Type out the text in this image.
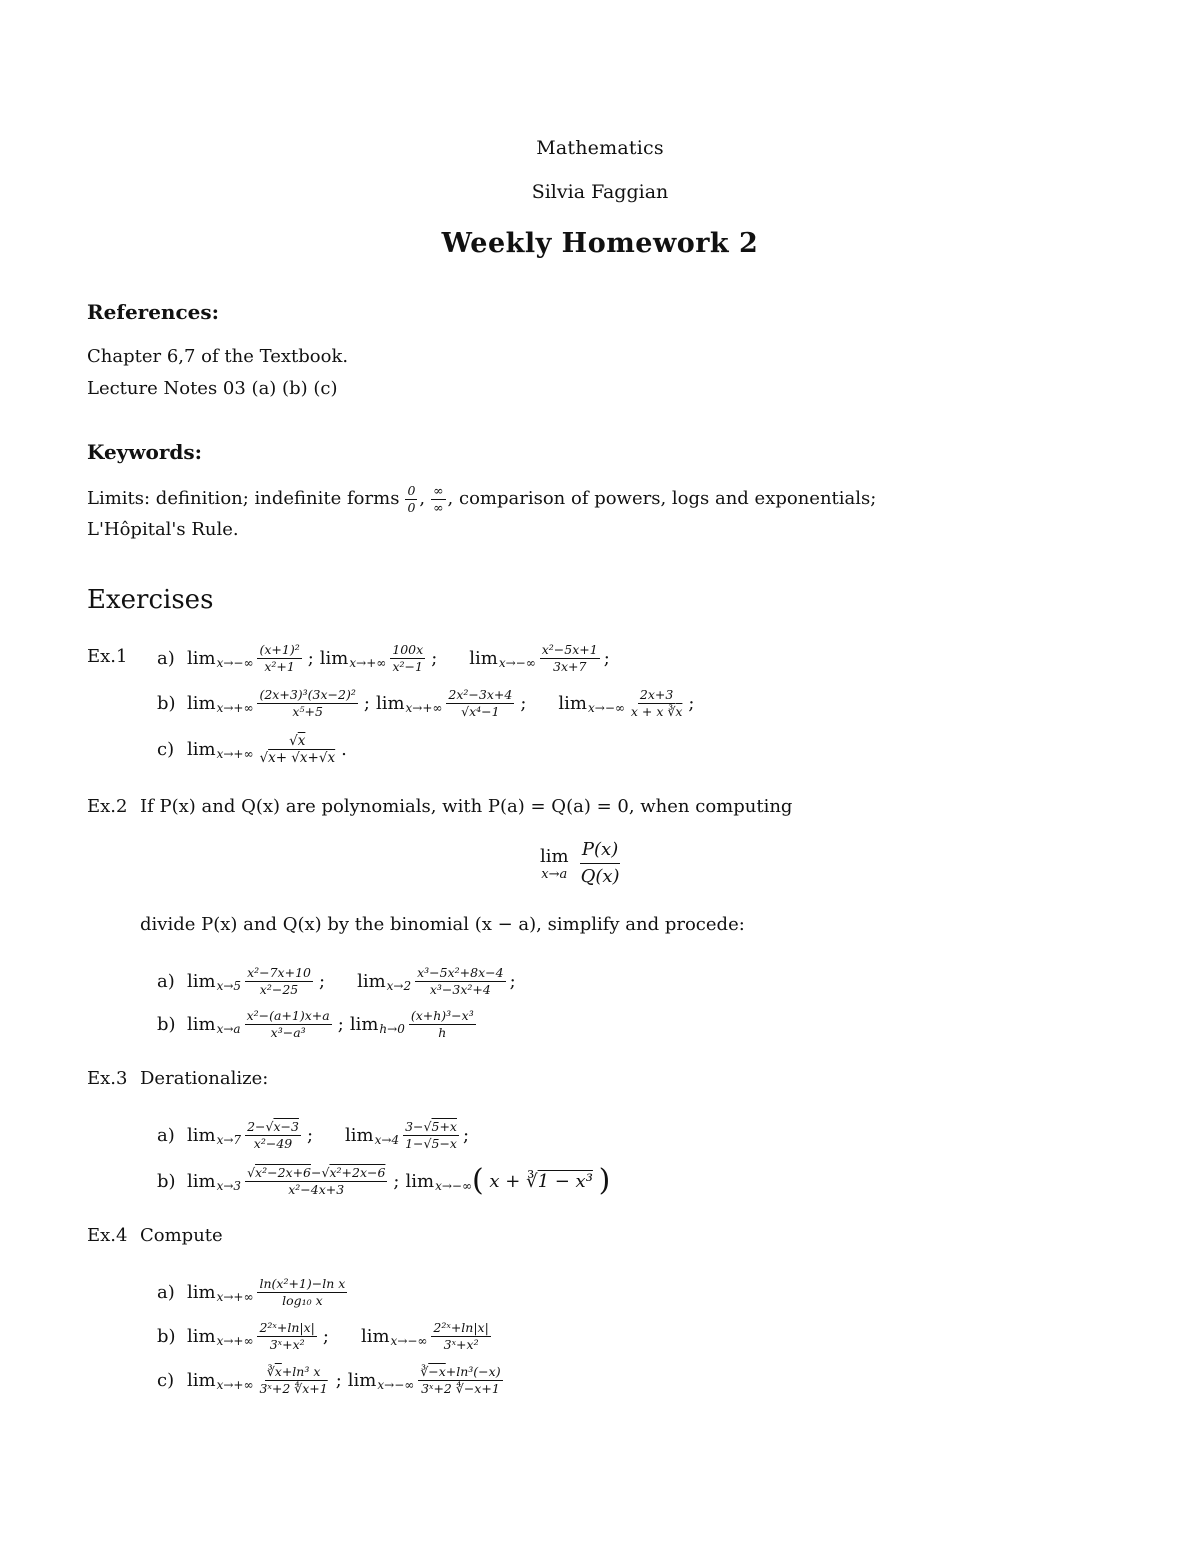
Mathematics
Silvia Faggian
Weekly Homework 2
References:
Chapter 6,7 of the Textbook.
Lecture Notes 03 (a) (b) (c)
Keywords:
Limits: definition; indefinite forms $\frac{0}{0}$ , $\frac{\infty}{\infty}$ , comparison of powers, logs and exponentials;
L'Hôpital's Rule.
Exercises
Ex.1 a) $\lim_{x\to-\infty} \frac{\text{(x+1)²}}{\text{x²+1}}$ ; $\lim_{x\to+\infty} \frac{100x}{\text{x²−1}}$ ; $\lim_{x\to-\infty} \frac{\text{x²−5x+1}}{3x+7}$ ;
b) $\lim_{x\to+\infty} \frac{\text{(2x+3)³(3x−2)²}}{\text{x⁵+5}}$ ; $\lim_{x\to+\infty} \frac{\text{2x²−3x+4}}{\text{√x⁴−1}}$ ; $\lim_{x\to-\infty} \frac{2x+3}{x + x ∛\overline{x}}$ ;
c) $\lim_{x\to+\infty} \frac{√x}{√x+ √x+√x}$ .
Ex.2 If P(x) and Q(x) are polynomials, with P(a) = Q(a) = 0, when computing
lim
$x\to a \frac{P(x)}{Q(x)}$
divide P(x) and Q(x) by the binomial (x − a), simplify and procede:
a) $\lim_{x\to 5} \frac{\text{x²−7x+10}}{\text{x²−25}}$ ; $\lim_{x\to 2} \frac{\text{x³−5x²+8x−4}}{\text{x³−3x²+4}}$ ;
b) $\lim_{x\to a} \frac{\text{x²−(a+1)x+a}}{\text{x³−a³}}$ ; $\lim_{h\to 0} \frac{\text{(x+h)³−x³}}{h}$
Ex.3 Derationalize:
a) $\lim_{x\to 7} \frac{2-√x-3}{\text{x²−49}}$ ; $\lim_{x\to 4} \frac{3-√5+x}{1-√5-x}$ ;
b) $\lim_{x\to 3} \frac{\text{√x²−2x+6−√x²+2x−6}}{\text{x²−4x+3}}$ ; $\lim_{x\to-\infty}$ ( x + ∛1 − x³ )
Ex.4 Compute
a) $\lim_{x\to+\infty} \frac{\text{ln(x²+1)−ln x}}{\text{log₁₀ x}}$
b) $\lim_{x\to+\infty} \frac{\text{2²ˣ+ln|x|}}{\text{3ˣ+x²}}$ ; $\lim_{x\to-\infty} \frac{\text{2²ˣ+ln|x|}}{\text{3ˣ+x²}}$
c) $\lim_{x\to+\infty} \frac{∛\overline{x}+\ln^3 x}{\text{3ˣ+2 ∜x+1}}$ ; $\lim_{x\to-\infty} \frac{\text{∛−x+ln³(−x)}}{\text{3ˣ+2 ∜−x+1}}$
